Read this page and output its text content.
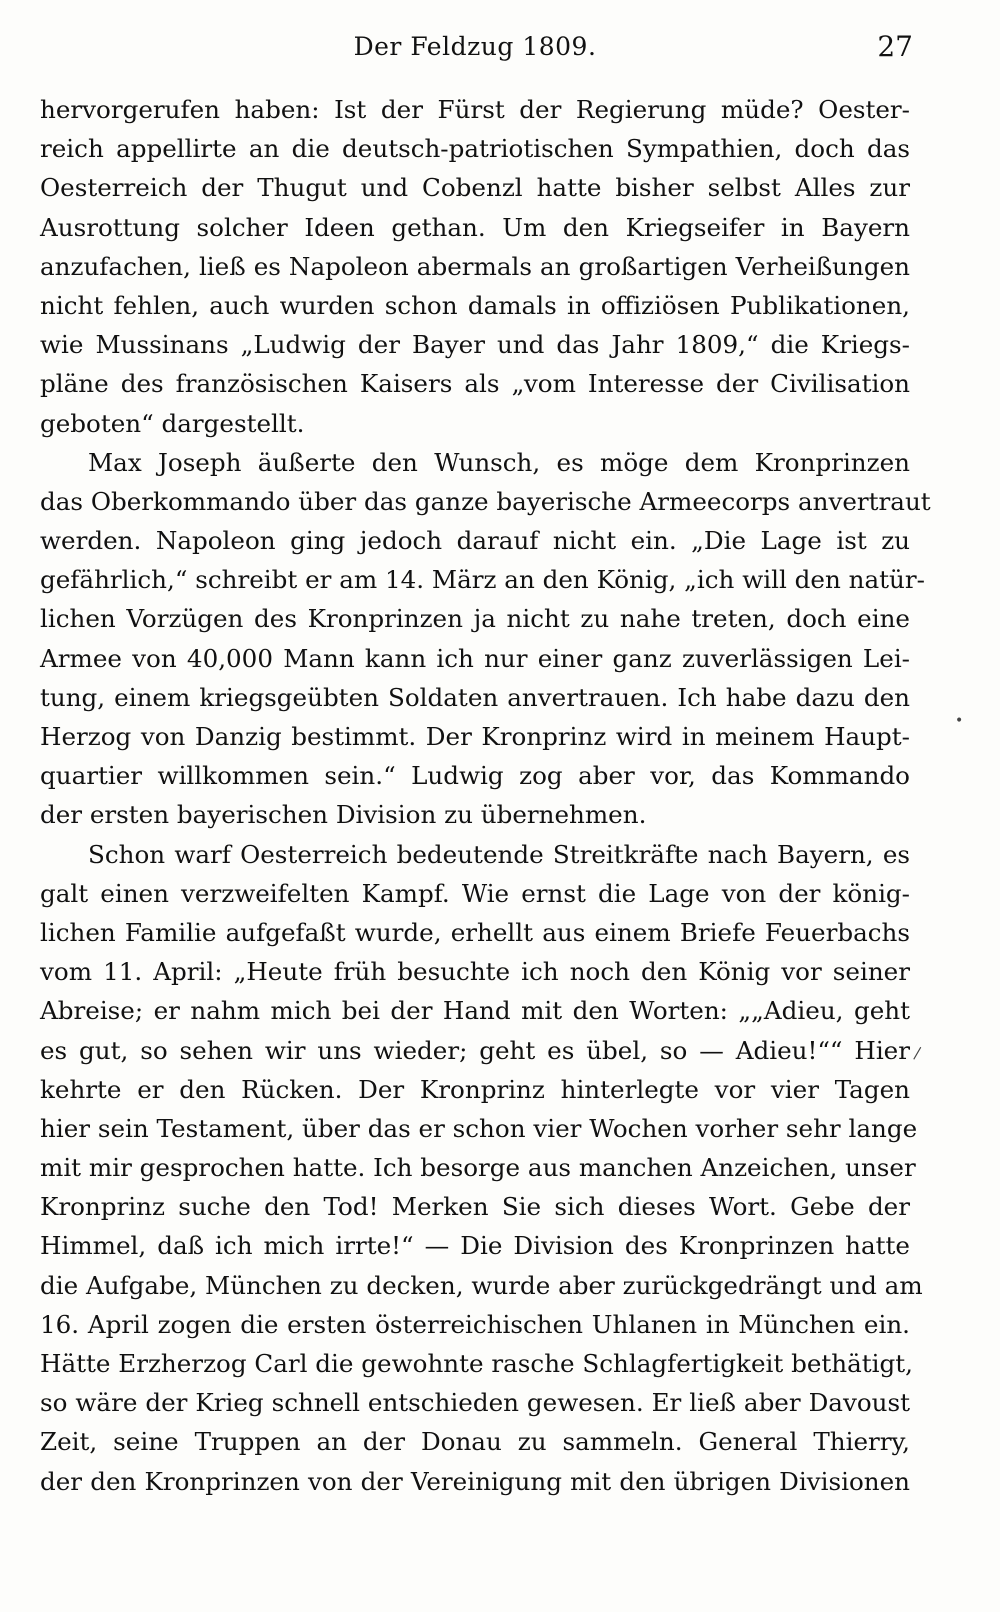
Der Feldzug 1809.	27
hervorgerufen haben: Ist der Fürst der Regierung müde? Oester-
reich appellirte an die deutsch-patriotischen Sympathien, doch das
Oesterreich der Thugut und Cobenzl hatte bisher selbst Alles zur
Ausrottung solcher Ideen gethan. Um den Kriegseifer in Bayern
anzufachen, ließ es Napoleon abermals an großartigen Verheißungen
nicht fehlen, auch wurden schon damals in offiziösen Publikationen,
wie Mussinans „Ludwig der Bayer und das Jahr 1809,“ die Kriegs-
pläne des französischen Kaisers als „vom Interesse der Civilisation
geboten“ dargestellt.
Max Joseph äußerte den Wunsch, es möge dem Kronprinzen
das Oberkommando über das ganze bayerische Armeecorps anvertraut
werden. Napoleon ging jedoch darauf nicht ein. „Die Lage ist zu
gefährlich,“ schreibt er am 14. März an den König, „ich will den natür-
lichen Vorzügen des Kronprinzen ja nicht zu nahe treten, doch eine
Armee von 40,000 Mann kann ich nur einer ganz zuverlässigen Lei-
tung, einem kriegsgeübten Soldaten anvertrauen. Ich habe dazu den
Herzog von Danzig bestimmt. Der Kronprinz wird in meinem Haupt-
quartier willkommen sein.“ Ludwig zog aber vor, das Kommando
der ersten bayerischen Division zu übernehmen.
Schon warf Oesterreich bedeutende Streitkräfte nach Bayern, es
galt einen verzweifelten Kampf. Wie ernst die Lage von der könig-
lichen Familie aufgefaßt wurde, erhellt aus einem Briefe Feuerbachs
vom 11. April: „Heute früh besuchte ich noch den König vor seiner
Abreise; er nahm mich bei der Hand mit den Worten: „„Adieu, geht
es gut, so sehen wir uns wieder; geht es übel, so — Adieu!““ Hier
kehrte er den Rücken. Der Kronprinz hinterlegte vor vier Tagen
hier sein Testament, über das er schon vier Wochen vorher sehr lange
mit mir gesprochen hatte. Ich besorge aus manchen Anzeichen, unser
Kronprinz suche den Tod! Merken Sie sich dieses Wort. Gebe der
Himmel, daß ich mich irrte!“ — Die Division des Kronprinzen hatte
die Aufgabe, München zu decken, wurde aber zurückgedrängt und am
16. April zogen die ersten österreichischen Uhlanen in München ein.
Hätte Erzherzog Carl die gewohnte rasche Schlagfertigkeit bethätigt,
so wäre der Krieg schnell entschieden gewesen. Er ließ aber Davoust
Zeit, seine Truppen an der Donau zu sammeln. General Thierry,
der den Kronprinzen von der Vereinigung mit den übrigen Divisionen
•
|
